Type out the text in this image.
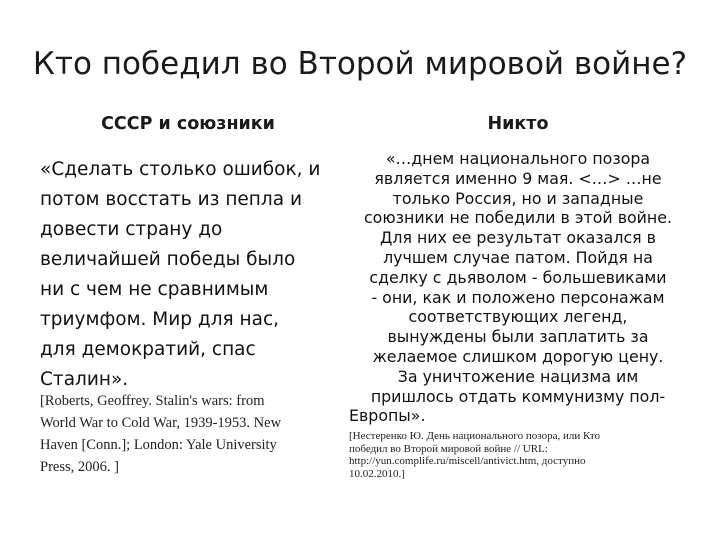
Кто победил во Второй мировой войне?
СССР и союзники	Никто
«Сделать столько ошибок, и
потом восстать из пепла и
довести страну до
величайшей победы было
ни с чем не сравнимым
триумфом. Мир для нас,
для демократий, спас
Сталин».
[Roberts, Geoffrey. Stalin's wars: from
World War to Cold War, 1939-1953. New
Haven [Conn.]; London: Yale University
Press, 2006. ]
«…днем национального позора
является именно 9 мая. <…> …не
только Россия, но и западные
союзники не победили в этой войне.
Для них ее результат оказался в
лучшем случае патом. Пойдя на
сделку с дьяволом - большевиками
- они, как и положено персонажам
соответствующих легенд,
вынуждены были заплатить за
желаемое слишком дорогую цену.
За уничтожение нацизма им
пришлось отдать коммунизму пол-
Европы».
[Нестеренко Ю. День национального позора, или Кто
победил во Второй мировой войне // URL:
http://yun.complife.ru/miscell/antivict.htm, доступно
10.02.2010.]
